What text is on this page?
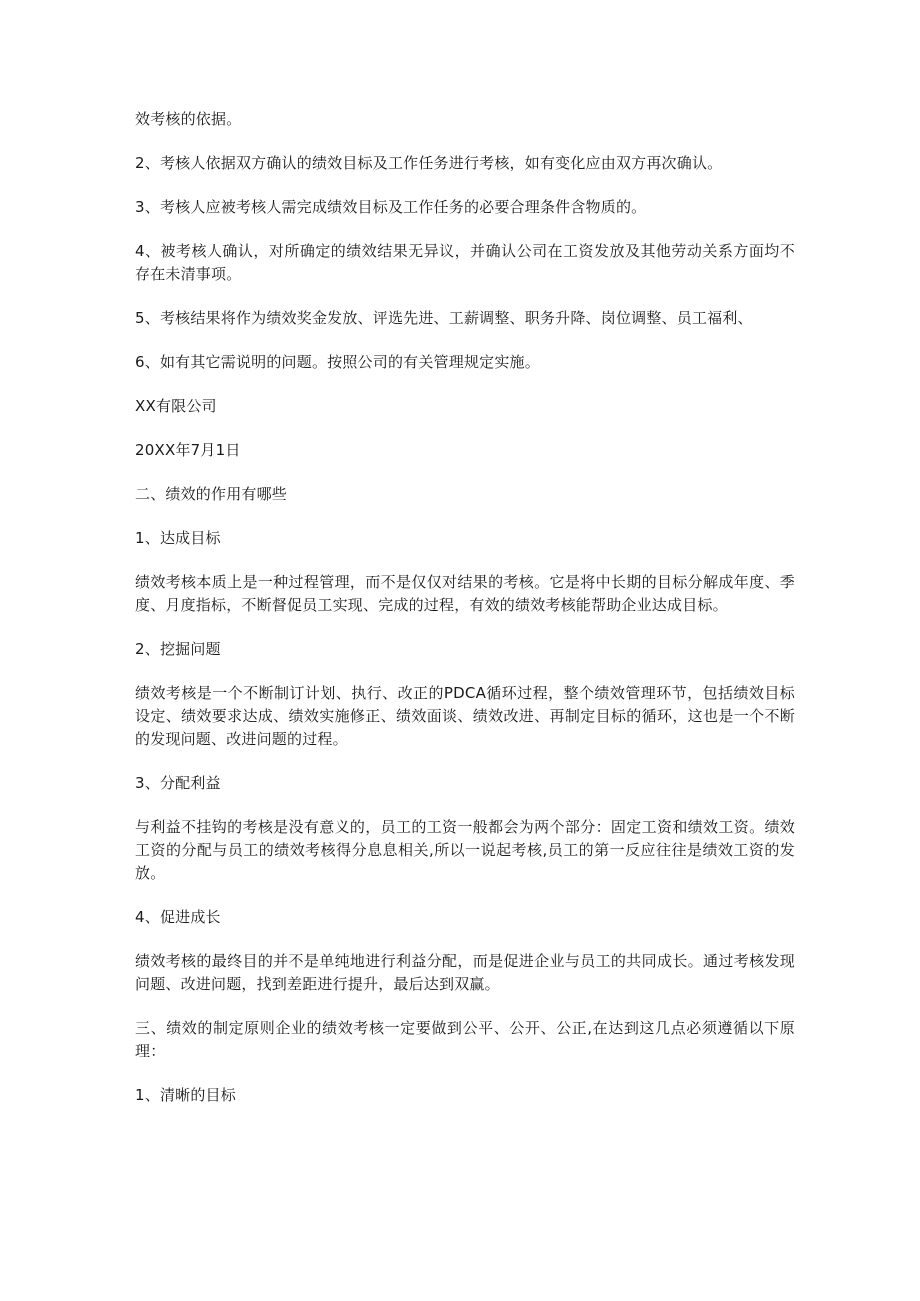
效考核的依据。

2、考核人依据双方确认的绩效目标及工作任务进行考核，如有变化应由双方再次确认。

3、考核人应被考核人需完成绩效目标及工作任务的必要合理条件含物质的。

4、被考核人确认，对所确定的绩效结果无异议，并确认公司在工资发放及其他劳动关系方面均不存在未清事项。

5、考核结果将作为绩效奖金发放、评选先进、工薪调整、职务升降、岗位调整、员工福利、

6、如有其它需说明的问题。按照公司的有关管理规定实施。

XX有限公司

20XX年7月1日

二、绩效的作用有哪些

1、达成目标

绩效考核本质上是一种过程管理，而不是仅仅对结果的考核。它是将中长期的目标分解成年度、季度、月度指标，不断督促员工实现、完成的过程，有效的绩效考核能帮助企业达成目标。

2、挖掘问题

绩效考核是一个不断制订计划、执行、改正的PDCA循环过程，整个绩效管理环节，包括绩效目标设定、绩效要求达成、绩效实施修正、绩效面谈、绩效改进、再制定目标的循环，这也是一个不断的发现问题、改进问题的过程。

3、分配利益

与利益不挂钩的考核是没有意义的，员工的工资一般都会为两个部分：固定工资和绩效工资。绩效工资的分配与员工的绩效考核得分息息相关,所以一说起考核,员工的第一反应往往是绩效工资的发放。

4、促进成长

绩效考核的最终目的并不是单纯地进行利益分配，而是促进企业与员工的共同成长。通过考核发现问题、改进问题，找到差距进行提升，最后达到双赢。

三、绩效的制定原则企业的绩效考核一定要做到公平、公开、公正,在达到这几点必须遵循以下原理：

1、清晰的目标
